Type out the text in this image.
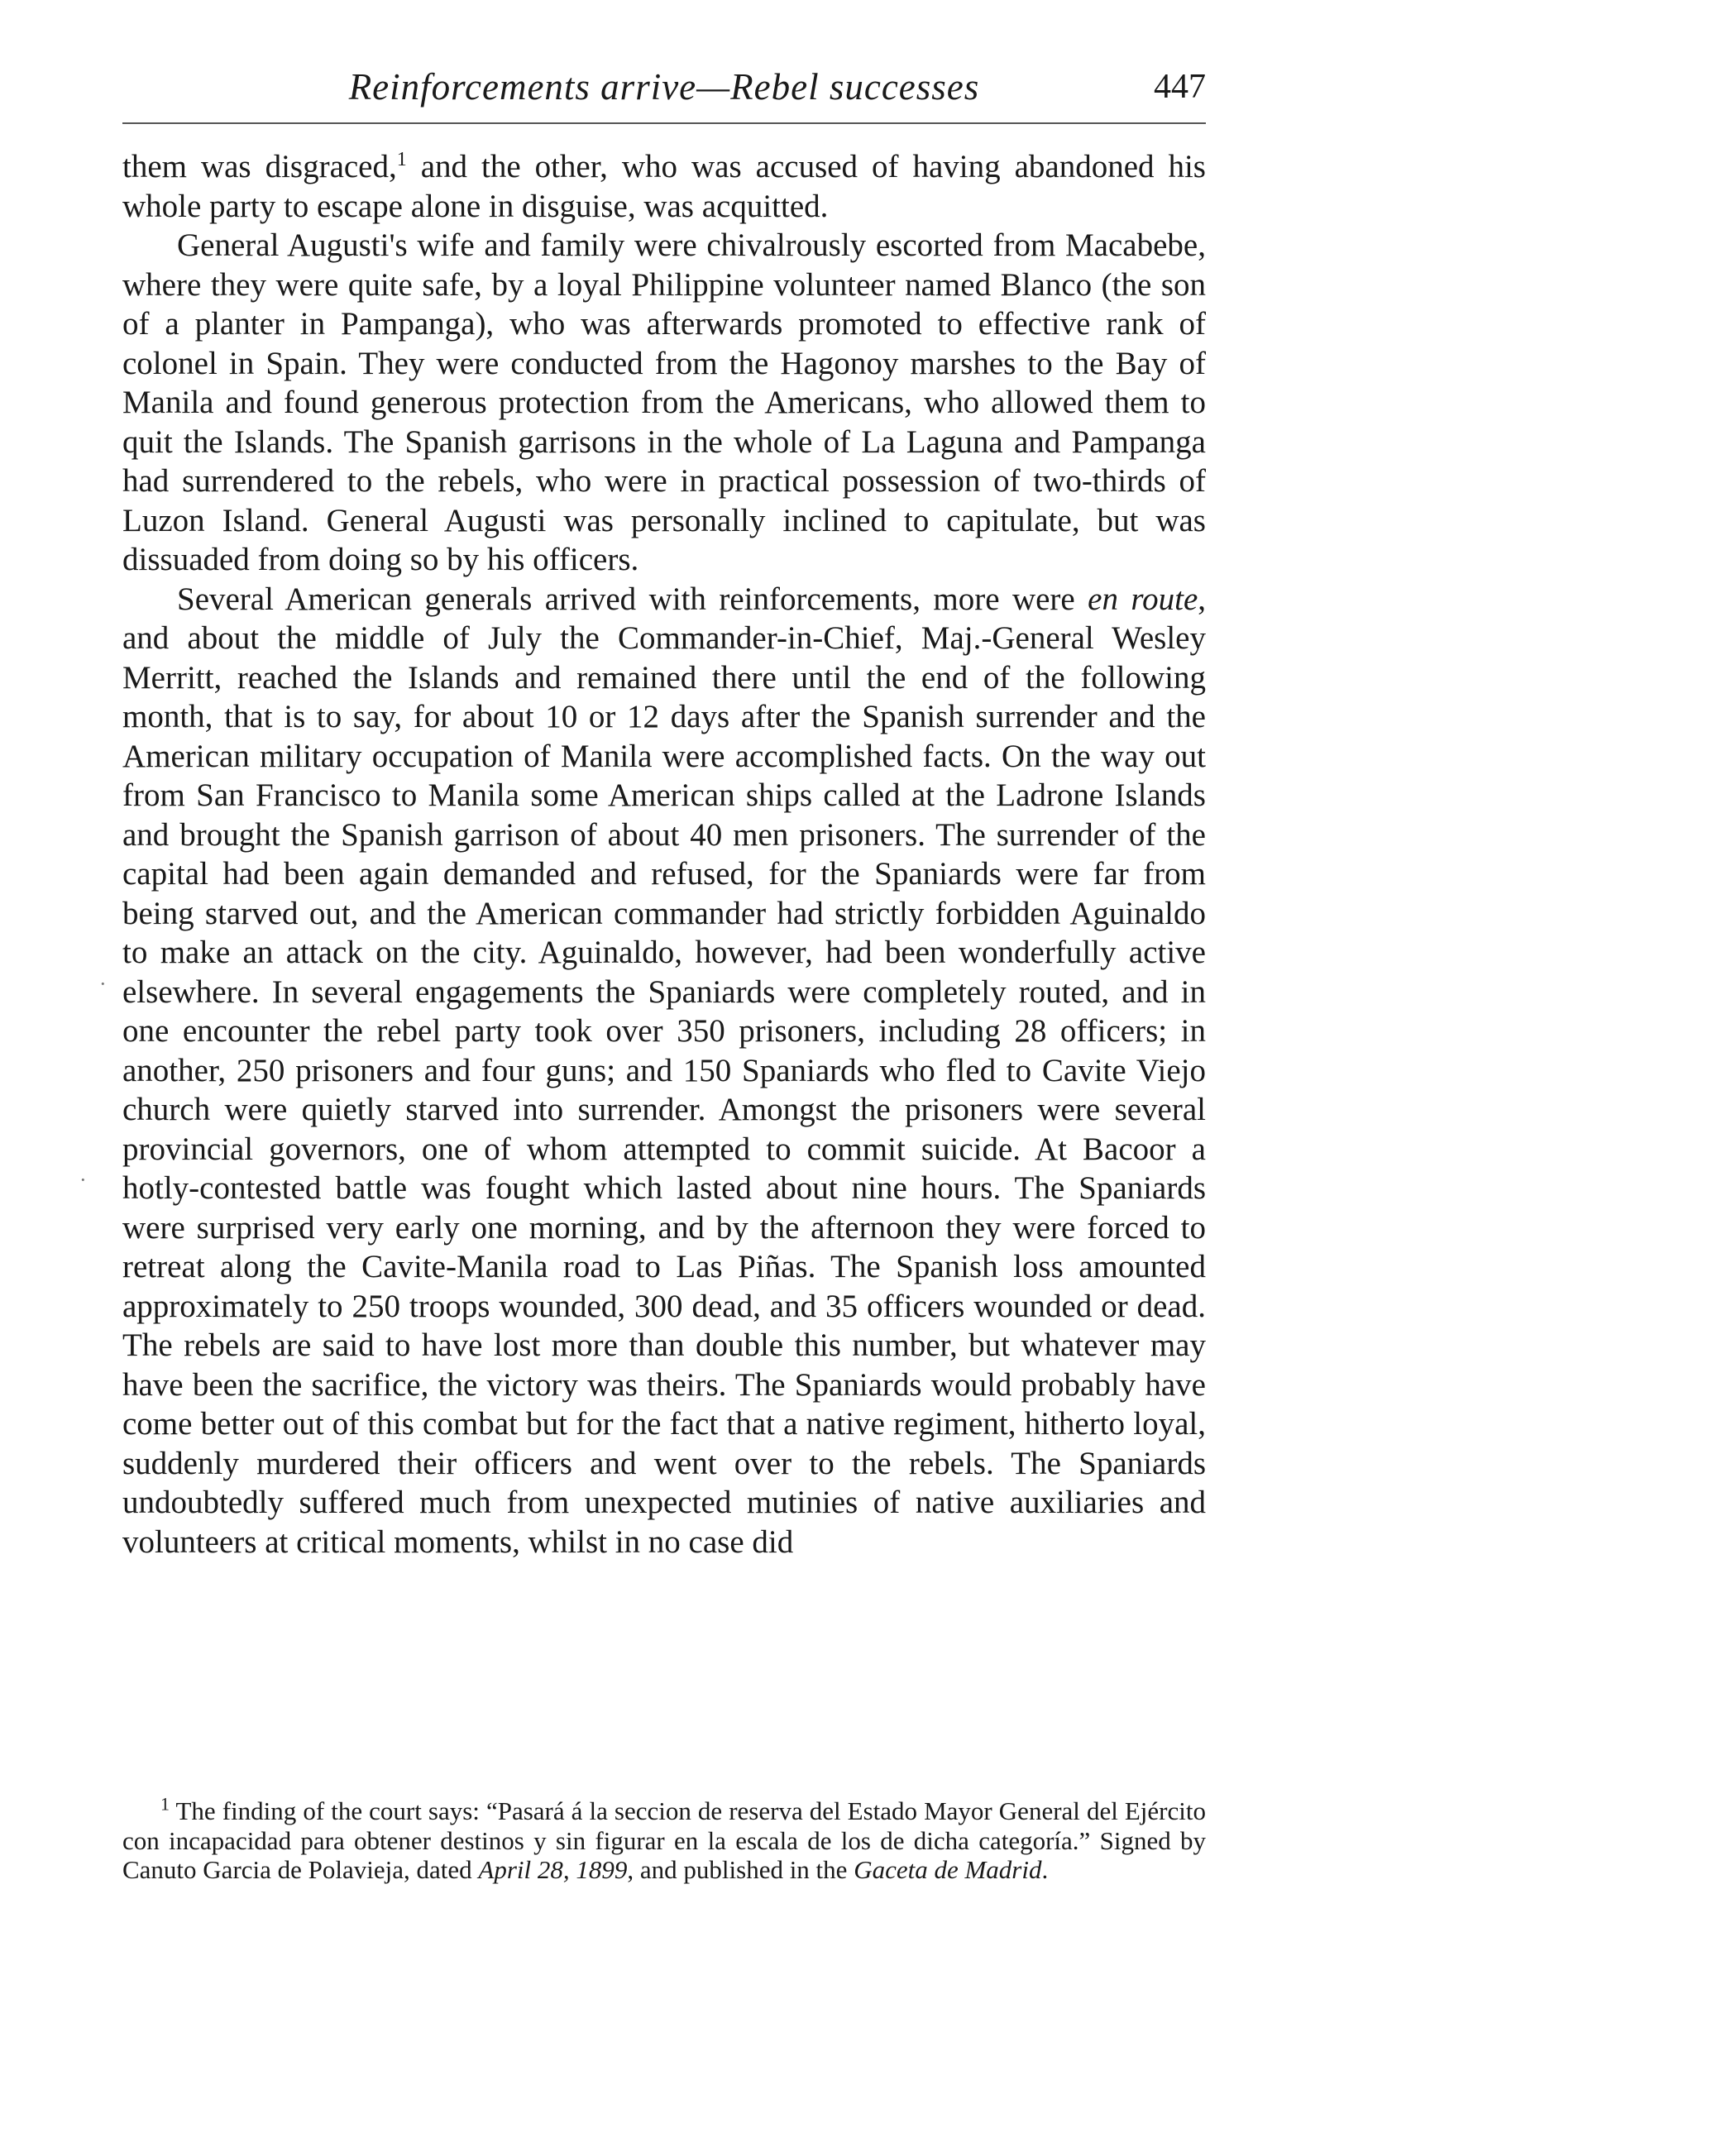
Reinforcements arrive—Rebel successes	447

them was disgraced,$^1$ and the other, who was accused of having abandoned his whole party to escape alone in disguise, was acquitted.

General Augusti's wife and family were chivalrously escorted from Macabebe, where they were quite safe, by a loyal Philippine volunteer named Blanco (the son of a planter in Pampanga), who was afterwards promoted to effective rank of colonel in Spain. They were conducted from the Hagonoy marshes to the Bay of Manila and found generous protection from the Americans, who allowed them to quit the Islands. The Spanish garrisons in the whole of La Laguna and Pampanga had surrendered to the rebels, who were in practical possession of two-thirds of Luzon Island. General Augusti was personally inclined to capitulate, but was dissuaded from doing so by his officers.

Several American generals arrived with reinforcements, more were en route, and about the middle of July the Commander-in-Chief, Maj.-General Wesley Merritt, reached the Islands and remained there until the end of the following month, that is to say, for about 10 or 12 days after the Spanish surrender and the American military occupation of Manila were accomplished facts. On the way out from San Francisco to Manila some American ships called at the Ladrone Islands and brought the Spanish garrison of about 40 men prisoners. The surrender of the capital had been again demanded and refused, for the Spaniards were far from being starved out, and the American commander had strictly forbidden Aguinaldo to make an attack on the city. Aguinaldo, however, had been wonderfully active elsewhere. In several engagements the Spaniards were completely routed, and in one encounter the rebel party took over 350 prisoners, including 28 officers; in another, 250 prisoners and four guns; and 150 Spaniards who fled to Cavite Viejo church were quietly starved into surrender. Amongst the prisoners were several provincial governors, one of whom attempted to commit suicide. At Bacoor a hotly-contested battle was fought which lasted about nine hours. The Spaniards were surprised very early one morning, and by the afternoon they were forced to retreat along the Cavite-Manila road to Las Piñas. The Spanish loss amounted approximately to 250 troops wounded, 300 dead, and 35 officers wounded or dead. The rebels are said to have lost more than double this number, but whatever may have been the sacrifice, the victory was theirs. The Spaniards would probably have come better out of this combat but for the fact that a native regiment, hitherto loyal, suddenly murdered their officers and went over to the rebels. The Spaniards undoubtedly suffered much from unexpected mutinies of native auxiliaries and volunteers at critical moments, whilst in no case did

$^1$ The finding of the court says: “Pasará á la seccion de reserva del Estado Mayor General del Ejército con incapacidad para obtener destinos y sin figurar en la escala de los de dicha categoría.” Signed by Canuto Garcia de Polavieja, dated April 28, 1899, and published in the Gaceta de Madrid.
·
·
